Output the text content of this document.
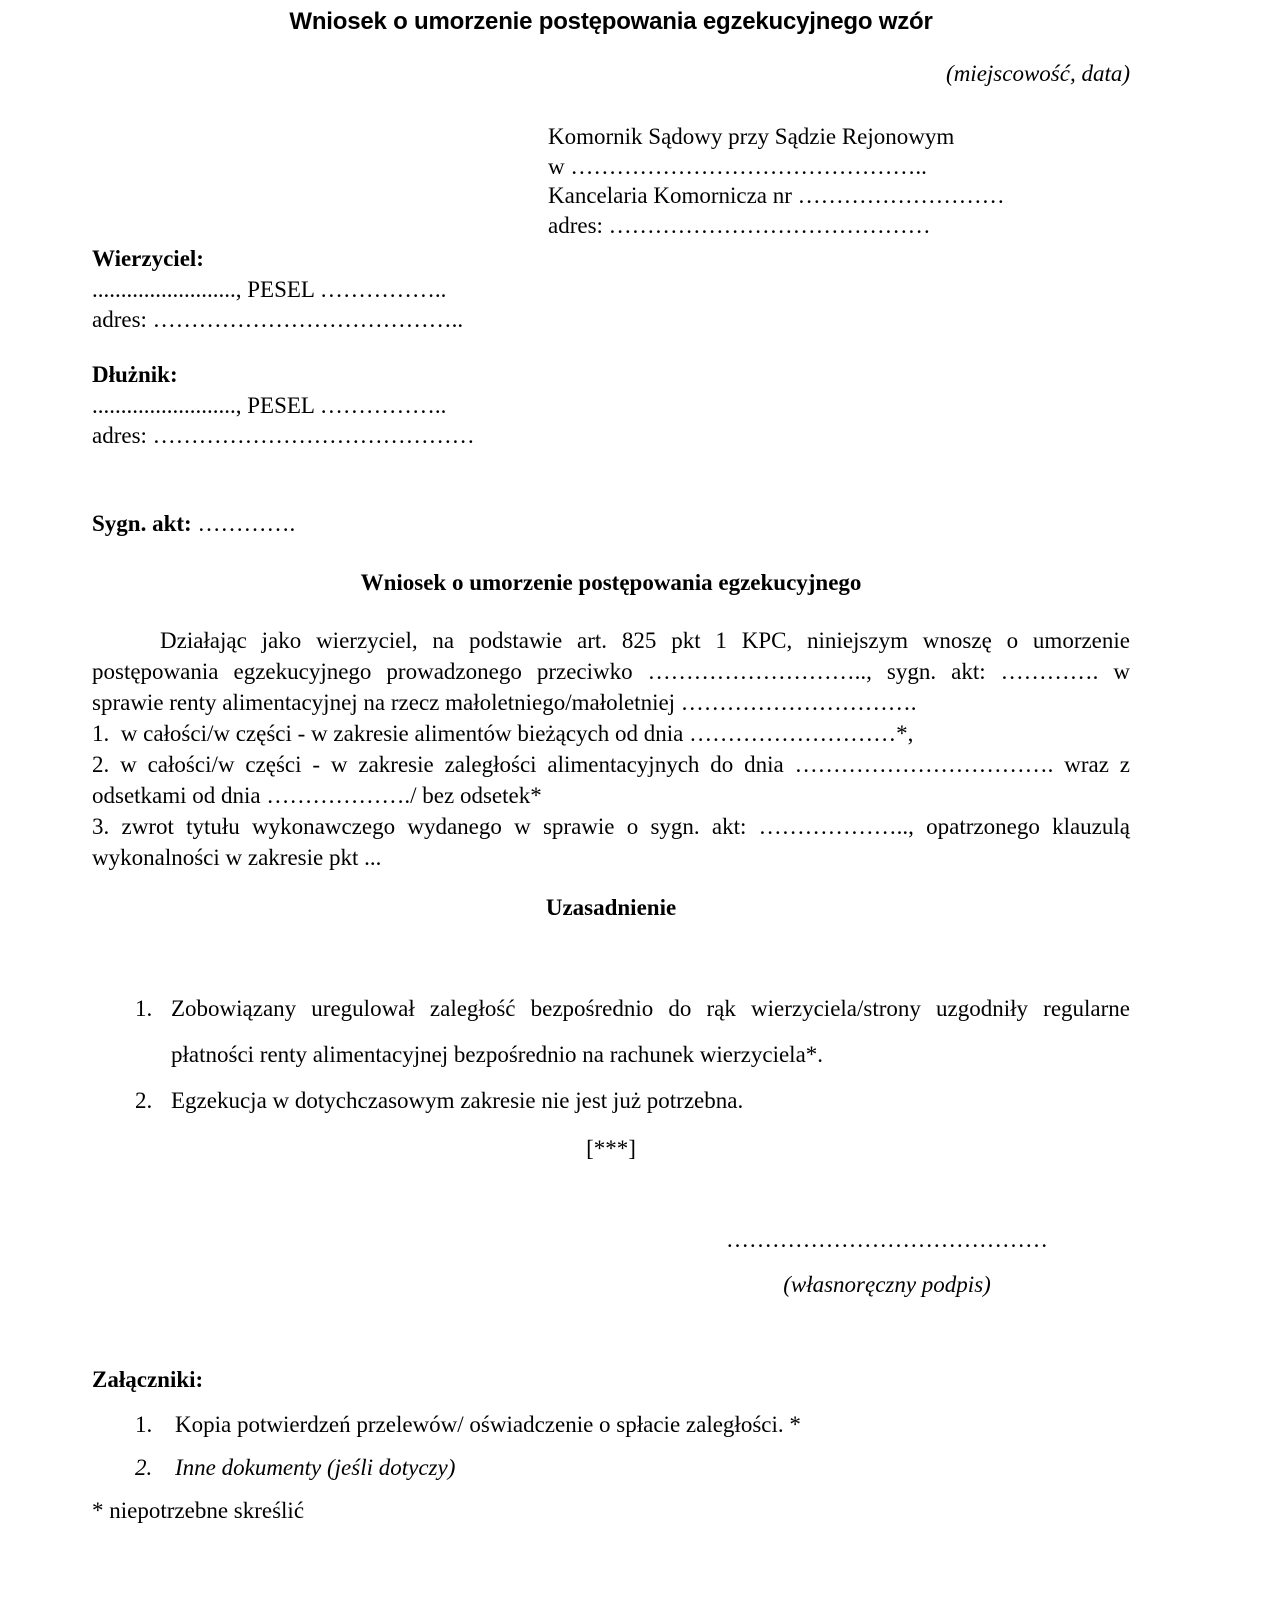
Wniosek o umorzenie postępowania egzekucyjnego wzór
(miejscowość, data)
Komornik Sądowy przy Sądzie Rejonowym
w ………………………………………..
Kancelaria Komornicza nr ………………………
adres: ……………………………………
Wierzyciel:
........................., PESEL ……………..
adres: …………………………………..
Dłużnik:
........................., PESEL ……………..
adres: ……………………………………
Sygn. akt: ………….
Wniosek o umorzenie postępowania egzekucyjnego

Działając jako wierzyciel, na podstawie art. 825 pkt 1 KPC, niniejszym wnoszę o umorzenie postępowania egzekucyjnego prowadzonego przeciwko ……………………….., sygn. akt: …………. w sprawie renty alimentacyjnej na rzecz małoletniego/małoletniej ………………………….

1.  w całości/w części - w zakresie alimentów bieżących od dnia ………………………*,

2. w całości/w części - w zakresie zaległości alimentacyjnych do dnia ……………………………. wraz z odsetkami od dnia ………………./ bez odsetek*

3. zwrot tytułu wykonawczego wydanego w sprawie o sygn. akt: ……………….., opatrzonego klauzulą wykonalności w zakresie pkt ...

Uzasadnienie
1. Zobowiązany uregulował zaległość bezpośrednio do rąk wierzyciela/strony uzgodniły regularne płatności renty alimentacyjnej bezpośrednio na rachunek wierzyciela*.
2. Egzekucja w dotychczasowym zakresie nie jest już potrzebna.
[***]
……………………………………
(własnoręczny podpis)
Załączniki:
1. Kopia potwierdzeń przelewów/ oświadczenie o spłacie zaległości. *
2. Inne dokumenty (jeśli dotyczy)
* niepotrzebne skreślić
